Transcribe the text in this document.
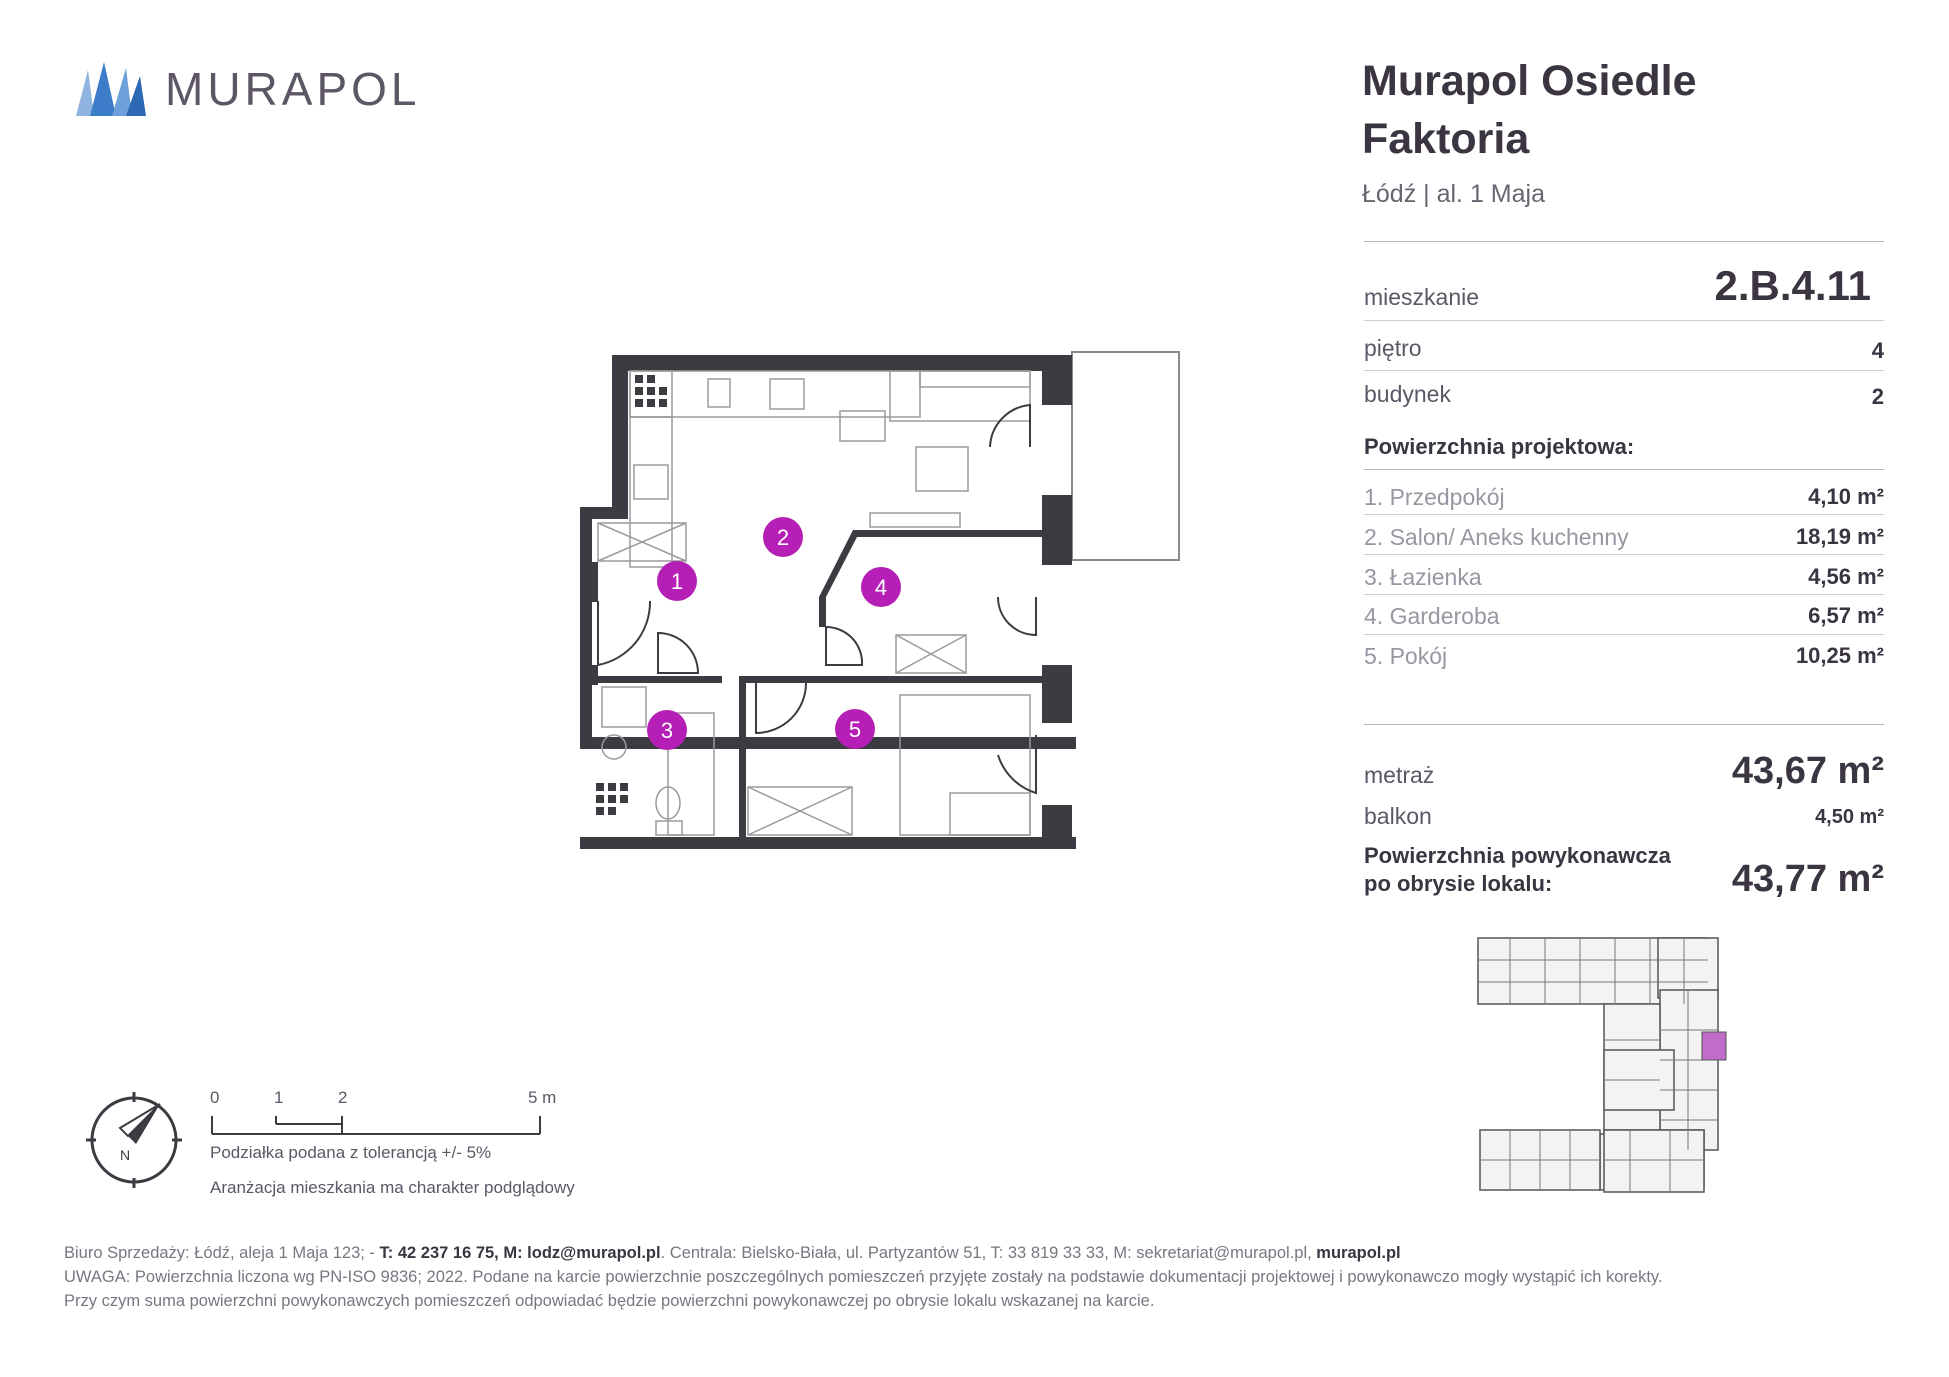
MURAPOL	Murapol Osiedle
Faktoria
Łódź | al. 1 Maja
mieszkanie	2.B.4.11
piętro	4
budynek	2
Powierzchnia projektowa:
1. Przedpokój	4,10 m²
2. Salon/ Aneks kuchenny	18,19 m²
3. Łazienka	4,56 m²
4. Garderoba	6,57 m²
5. Pokój	10,25 m²
metraż	43,67 m²
balkon	4,50 m²
Powierzchnia powykonawcza
po obrysie lokalu:	43,77 m²
1
2
3
4
5
N
0	1	2	5 m
Podziałka podana z tolerancją +/- 5%
Aranżacja mieszkania ma charakter podglądowy
Biuro Sprzedaży: Łódź, aleja 1 Maja 123; - T: 42 237 16 75, M: lodz@murapol.pl. Centrala: Bielsko-Biała, ul. Partyzantów 51, T: 33 819 33 33, M: sekretariat@murapol.pl, murapol.pl
UWAGA: Powierzchnia liczona wg PN-ISO 9836; 2022. Podane na karcie powierzchnie poszczególnych pomieszczeń przyjęte zostały na podstawie dokumentacji projektowej i powykonawczo mogły wystąpić ich korekty.
Przy czym suma powierzchni powykonawczych pomieszczeń odpowiadać będzie powierzchni powykonawczej po obrysie lokalu wskazanej na karcie.
